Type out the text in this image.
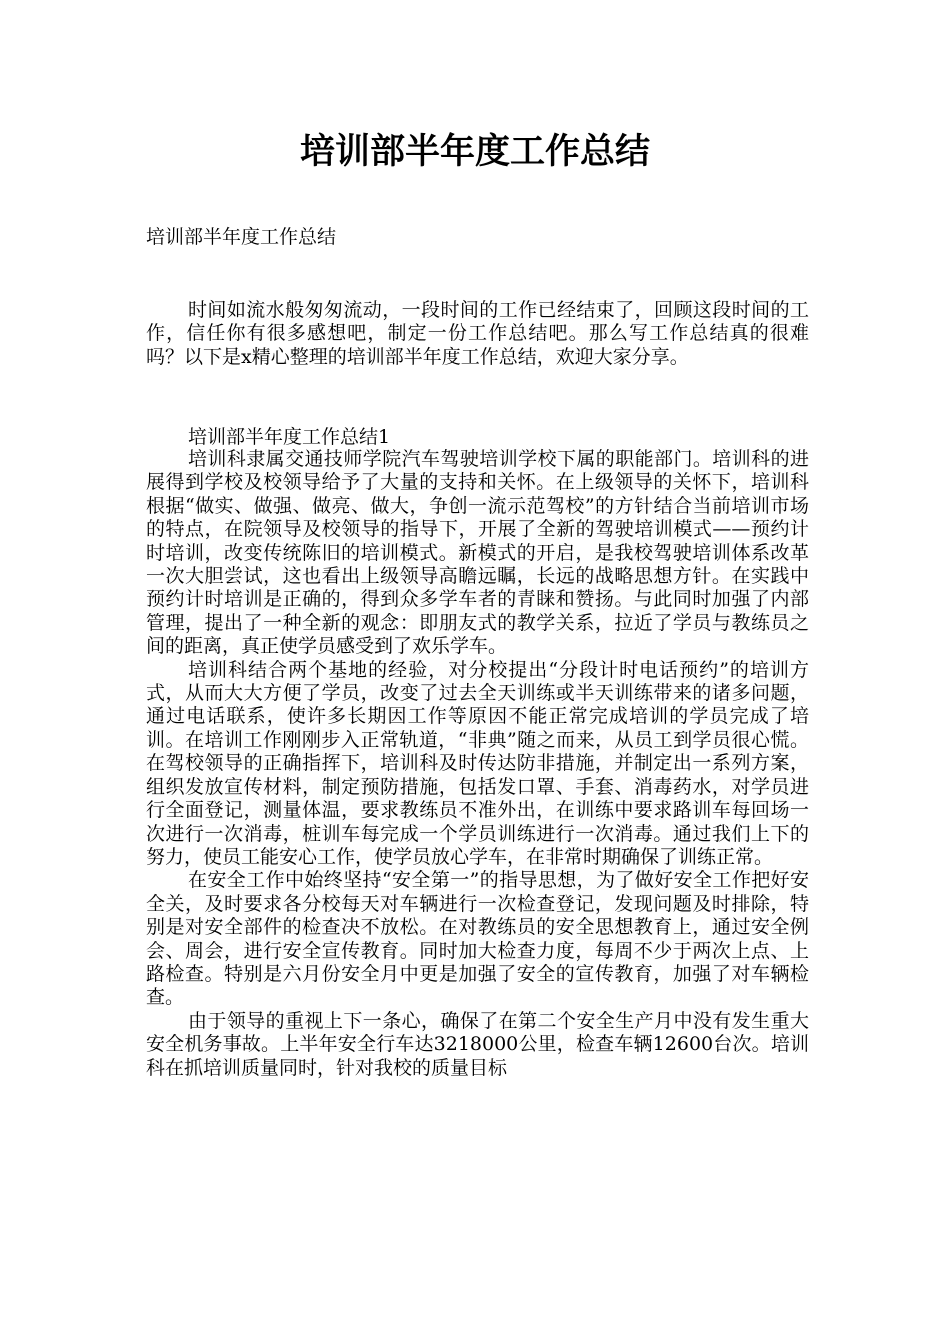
培训部半年度工作总结
培训部半年度工作总结

时间如流水般匆匆流动，一段时间的工作已经结束了，回顾这段时间的工作，信任你有很多感想吧，制定一份工作总结吧。那么写工作总结真的很难吗？以下是x精心整理的培训部半年度工作总结，欢迎大家分享。

培训部半年度工作总结1

培训科隶属交通技师学院汽车驾驶培训学校下属的职能部门。培训科的进展得到学校及校领导给予了大量的支持和关怀。在上级领导的关怀下，培训科根据“做实、做强、做亮、做大，争创一流示范驾校”的方针结合当前培训市场的特点，在院领导及校领导的指导下，开展了全新的驾驶培训模式——预约计时培训，改变传统陈旧的培训模式。新模式的开启，是我校驾驶培训体系改革一次大胆尝试，这也看出上级领导高瞻远瞩，长远的战略思想方针。在实践中预约计时培训是正确的，得到众多学车者的青睐和赞扬。与此同时加强了内部管理，提出了一种全新的观念：即朋友式的教学关系，拉近了学员与教练员之间的距离，真正使学员感受到了欢乐学车。

培训科结合两个基地的经验，对分校提出“分段计时电话预约”的培训方式，从而大大方便了学员，改变了过去全天训练或半天训练带来的诸多问题，通过电话联系，使许多长期因工作等原因不能正常完成培训的学员完成了培训。在培训工作刚刚步入正常轨道，“非典”随之而来，从员工到学员很心慌。在驾校领导的正确指挥下，培训科及时传达防非措施，并制定出一系列方案，组织发放宣传材料，制定预防措施，包括发口罩、手套、消毒药水，对学员进行全面登记，测量体温，要求教练员不准外出，在训练中要求路训车每回场一次进行一次消毒，桩训车每完成一个学员训练进行一次消毒。通过我们上下的努力，使员工能安心工作，使学员放心学车，在非常时期确保了训练正常。

在安全工作中始终坚持“安全第一”的指导思想，为了做好安全工作把好安全关，及时要求各分校每天对车辆进行一次检查登记，发现问题及时排除，特别是对安全部件的检查决不放松。在对教练员的安全思想教育上，通过安全例会、周会，进行安全宣传教育。同时加大检查力度，每周不少于两次上点、上路检查。特别是六月份安全月中更是加强了安全的宣传教育，加强了对车辆检查。

由于领导的重视上下一条心，确保了在第二个安全生产月中没有发生重大安全机务事故。上半年安全行车达3218000公里，检查车辆12600台次。培训科在抓培训质量同时，针对我校的质量目标
